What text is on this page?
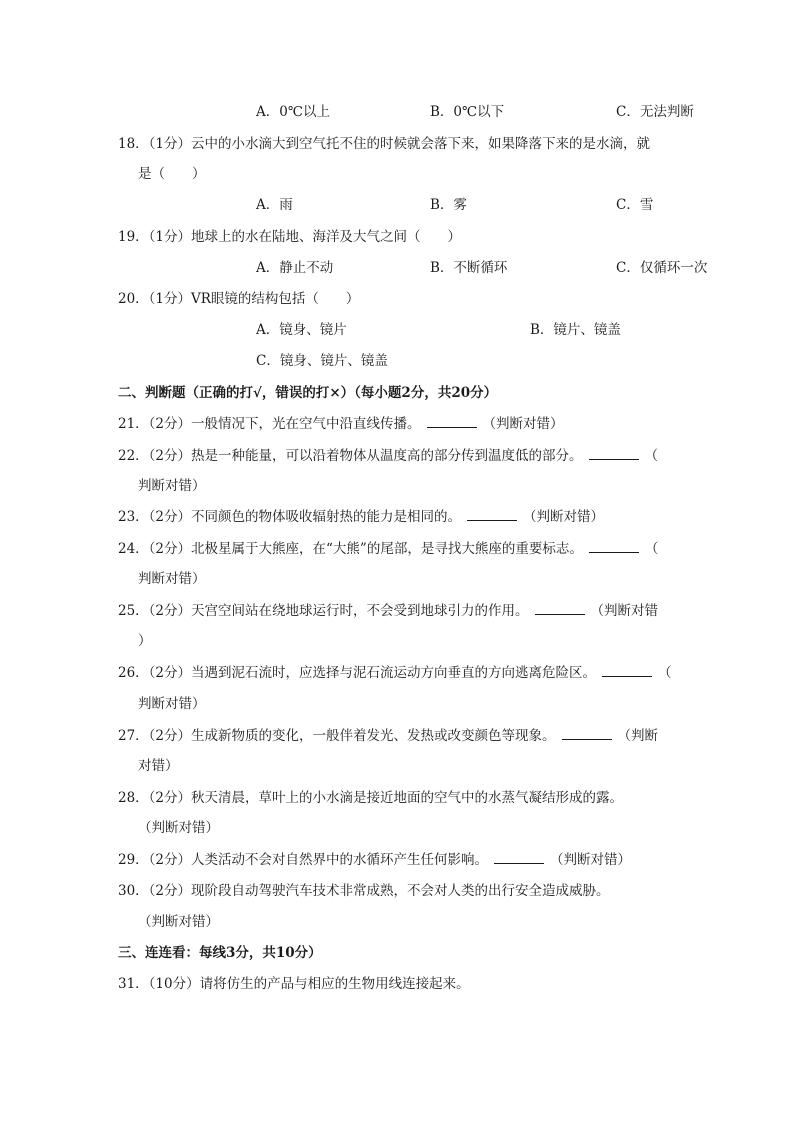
A．0℃以上	B．0℃以下	C．无法判断
18．（1分）云中的小水滴大到空气托不住的时候就会落下来，如果降落下来的是水滴，就
是（　　）
A．雨	B．雾	C．雪
19．（1分）地球上的水在陆地、海洋及大气之间（　　）
A．静止不动	B．不断循环	C．仅循环一次
20．（1分）VR眼镜的结构包括（　　）
A．镜身、镜片	B．镜片、镜盖
C．镜身、镜片、镜盖
二、判断题（正确的打√，错误的打×）（每小题2分，共20分）
21．（2分）一般情况下，光在空气中沿直线传播。	（判断对错）
22．（2分）热是一种能量，可以沿着物体从温度高的部分传到温度低的部分。	（
判断对错）
23．（2分）不同颜色的物体吸收辐射热的能力是相同的。	（判断对错）
24．（2分）北极星属于大熊座，在“大熊”的尾部，是寻找大熊座的重要标志。	（
判断对错）
25．（2分）天宫空间站在绕地球运行时，不会受到地球引力的作用。	（判断对错
）
26．（2分）当遇到泥石流时，应选择与泥石流运动方向垂直的方向逃离危险区。	（
判断对错）
27．（2分）生成新物质的变化，一般伴着发光、发热或改变颜色等现象。	（判断
对错）
28．（2分）秋天清晨，草叶上的小水滴是接近地面的空气中的水蒸气凝结形成的露。
（判断对错）
29．（2分）人类活动不会对自然界中的水循环产生任何影响。	（判断对错）
30．（2分）现阶段自动驾驶汽车技术非常成熟，不会对人类的出行安全造成威胁。
（判断对错）
三、连连看：每线3分，共10分）
31．（10分）请将仿生的产品与相应的生物用线连接起来。
